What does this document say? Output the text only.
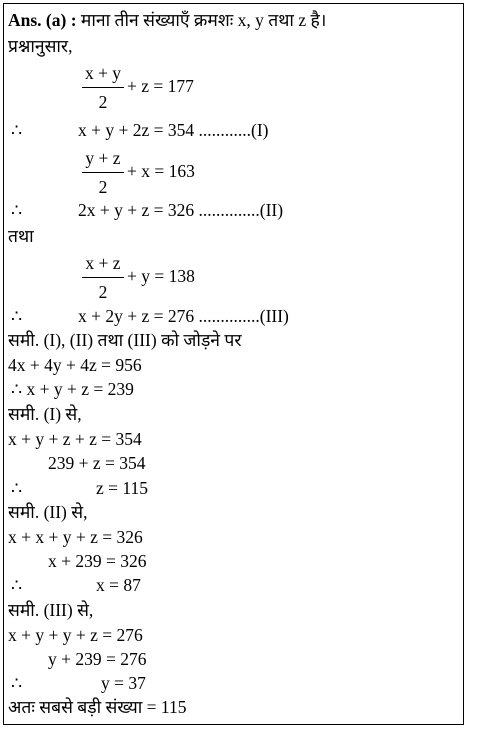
Ans. (a) : माना तीन संख्याएँ क्रमशः x, y तथा z है।
प्रश्नानुसार,
x + y
2
+ z = 177
∴	x + y + 2z = 354 ............(I)
y + z
2
+ x = 163
∴	2x + y + z = 326 ..............(II)
तथा
x + z
2
+ y = 138
∴	x + 2y + z = 276 ..............(III)
समी. (I), (II) तथा (III) को जोड़ने पर
4x + 4y + 4z = 956
∴ x + y + z = 239
समी. (I) से,
x + y + z + z = 354
239 + z = 354
∴	z = 115
समी. (II) से,
x + x + y + z = 326
x + 239 = 326
∴	x = 87
समी. (III) से,
x + y + y + z = 276
y + 239 = 276
∴	y = 37
अतः सबसे बड़ी संख्या = 115
